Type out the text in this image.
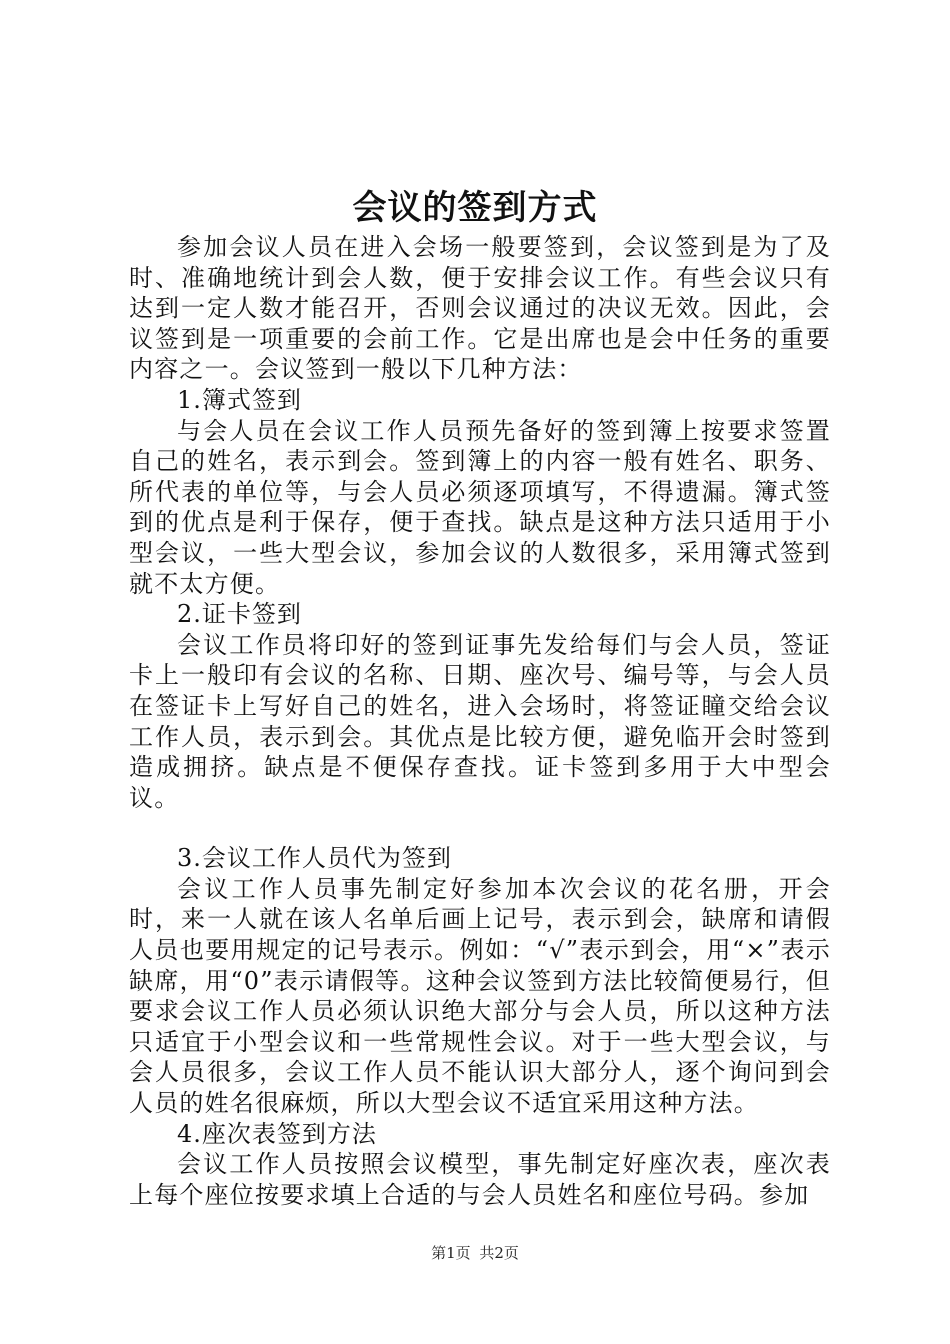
会议的签到方式

参加会议人员在进入会场一般要签到，会议签到是为了及时、准确地统计到会人数，便于安排会议工作。有些会议只有达到一定人数才能召开，否则会议通过的决议无效。因此，会议签到是一项重要的会前工作。它是出席也是会中任务的重要内容之一。会议签到一般以下几种方法：

1.簿式签到

与会人员在会议工作人员预先备好的签到簿上按要求签置自己的姓名，表示到会。签到簿上的内容一般有姓名、职务、所代表的单位等，与会人员必须逐项填写，不得遗漏。簿式签到的优点是利于保存，便于查找。缺点是这种方法只适用于小型会议，一些大型会议，参加会议的人数很多，采用簿式签到就不太方便。

2.证卡签到

会议工作员将印好的签到证事先发给每们与会人员，签证卡上一般印有会议的名称、日期、座次号、编号等，与会人员在签证卡上写好自己的姓名，进入会场时，将签证瞳交给会议工作人员，表示到会。其优点是比较方便，避免临开会时签到造成拥挤。缺点是不便保存查找。证卡签到多用于大中型会议。

3.会议工作人员代为签到

会议工作人员事先制定好参加本次会议的花名册，开会时，来一人就在该人名单后画上记号，表示到会，缺席和请假人员也要用规定的记号表示。例如：“√”表示到会，用“×”表示缺席，用“0”表示请假等。这种会议签到方法比较简便易行，但要求会议工作人员必须认识绝大部分与会人员，所以这种方法只适宜于小型会议和一些常规性会议。对于一些大型会议，与会人员很多，会议工作人员不能认识大部分人，逐个询问到会人员的姓名很麻烦，所以大型会议不适宜采用这种方法。

4.座次表签到方法

会议工作人员按照会议模型，事先制定好座次表，座次表上每个座位按要求填上合适的与会人员姓名和座位号码。参加

第1页 共2页
